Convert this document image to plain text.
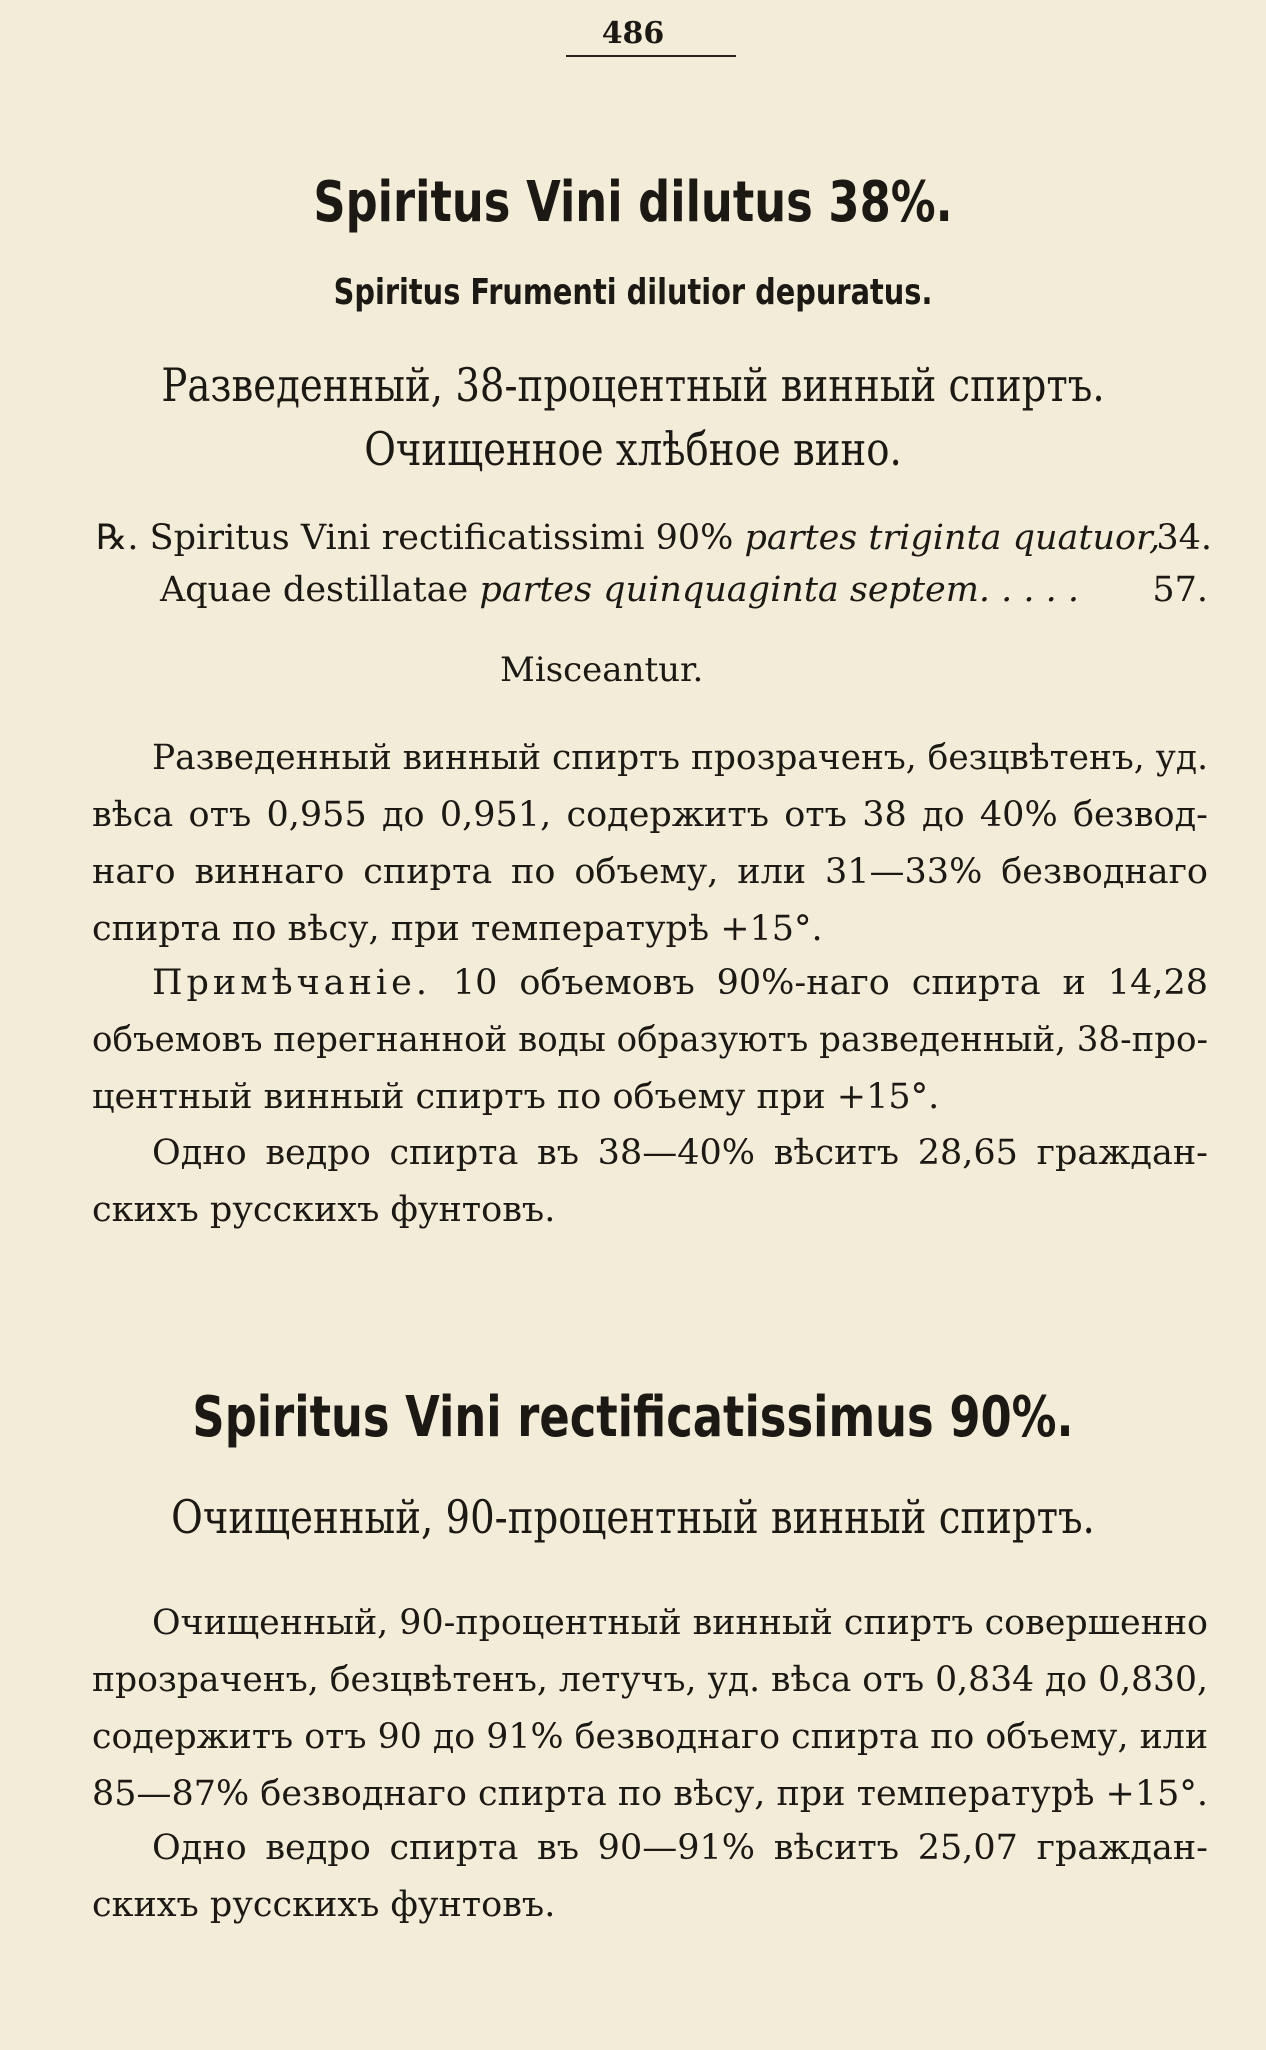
486
Spiritus Vini dilutus 38%.
Spiritus Frumenti dilutior depuratus.
Разведенный, 38-процентный винный спиртъ.
Очищенное хлѣбное вино.
℞. Spiritus Vini rectificatissimi 90% partes triginta quatuor,
34.
Aquae destillatae partes quinquaginta septem. . . . . 57.
Misceantur.
Разведенный винный спиртъ прозраченъ, безцвѣтенъ, уд.
вѣса отъ 0,955 до 0,951, содержитъ отъ 38 до 40% безвод-
наго виннаго спирта по объему, или 31—33% безводнаго
спирта по вѣсу, при температурѣ +15°.
Примѣчаніе. 10 объемовъ 90%-наго спирта и 14,28
объемовъ перегнанной воды образуютъ разведенный, 38-про-
центный винный спиртъ по объему при +15°.
Одно ведро спирта въ 38—40% вѣситъ 28,65 граждан-
скихъ русскихъ фунтовъ.
Spiritus Vini rectificatissimus 90%.
Очищенный, 90-процентный винный спиртъ.
Очищенный, 90-процентный винный спиртъ совершенно
прозраченъ, безцвѣтенъ, летучъ, уд. вѣса отъ 0,834 до 0,830,
содержитъ отъ 90 до 91% безводнаго спирта по объему, или
85—87% безводнаго спирта по вѣсу, при температурѣ +15°.
Одно ведро спирта въ 90—91% вѣситъ 25,07 граждан-
скихъ русскихъ фунтовъ.
